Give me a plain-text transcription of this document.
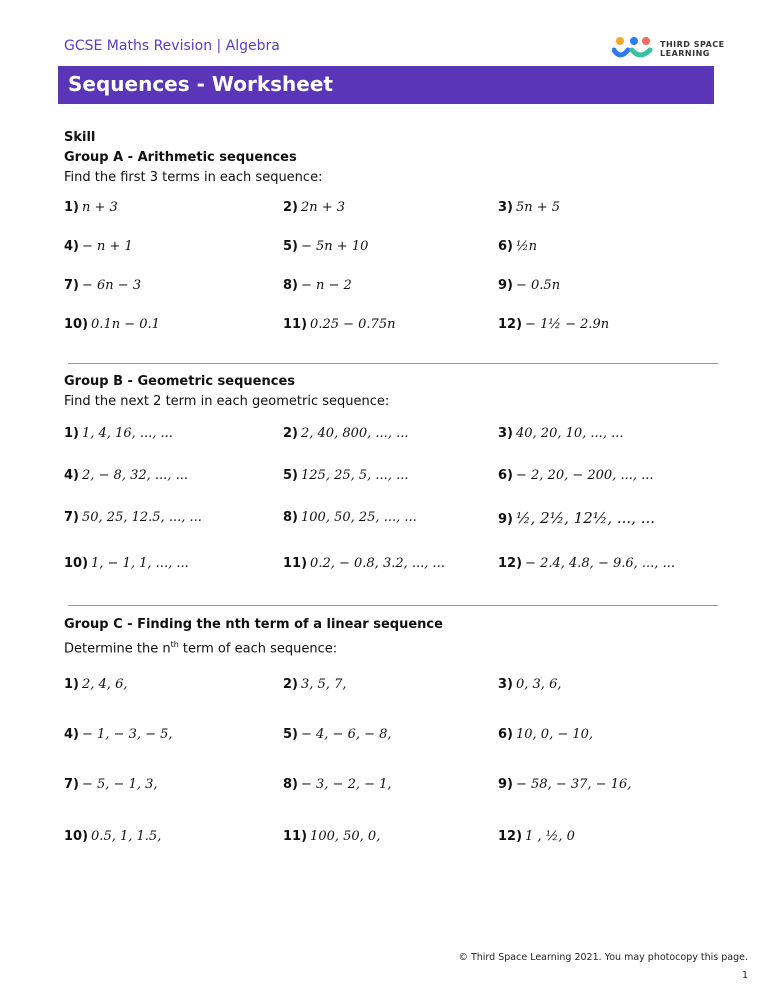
GCSE Maths Revision | Algebra	THIRD SPACE
LEARNING
Sequences - Worksheet
Skill
Group A - Arithmetic sequences
Find the first 3 terms in each sequence:
1) n + 3	2) 2n + 3	3) 5n + 5
4) − n + 1	5) − 5n + 10	6) ½n
7) − 6n − 3	8) − n − 2	9) − 0.5n
10) 0.1n − 0.1	11) 0.25 − 0.75n	12) − 1½ − 2.9n
Group B - Geometric sequences
Find the next 2 term in each geometric sequence:
1) 1, 4, 16, ..., ...	2) 2, 40, 800, ..., ...	3) 40, 20, 10, ..., ...
4) 2, − 8, 32, ..., ...	5) 125, 25, 5, ..., ...	6) − 2, 20, − 200, ..., ...
7) 50, 25, 12.5, ..., ...	8) 100, 50, 25, ..., ...	9) ½, 2½, 12½, ..., ...
10) 1, − 1, 1, ..., ...	11) 0.2, − 0.8, 3.2, ..., ...	12) − 2.4, 4.8, − 9.6, ..., ...
Group C - Finding the nth term of a linear sequence
Determine the $n^{th}$ term of each sequence:
1) 2, 4, 6,	2) 3, 5, 7,	3) 0, 3, 6,
4) − 1, − 3, − 5,	5) − 4, − 6, − 8,	6) 10, 0, − 10,
7) − 5, − 1, 3,	8) − 3, − 2, − 1,	9) − 58, − 37, − 16,
10) 0.5, 1, 1.5,	11) 100, 50, 0,	12) 1 , ½, 0
© Third Space Learning 2021. You may photocopy this page.
1
